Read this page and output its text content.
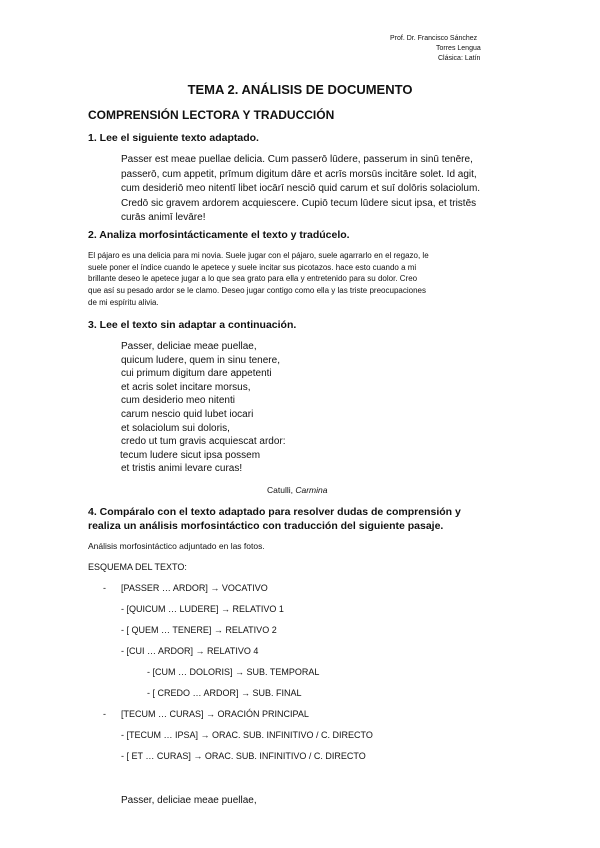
Prof. Dr. Francisco Sánchez
Torres Lengua
Clásica: Latín
TEMA 2. ANÁLISIS DE DOCUMENTO
COMPRENSIÓN LECTORA Y TRADUCCIÓN
1. Lee el siguiente texto adaptado.
Passer est meae puellae delicia. Cum passerō lūdere, passerum in sinū tenēre,
passerō, cum appetit, prīmum digitum dāre et acrīs morsūs incitāre solet. Id agit,
cum desideriō meo nitentī libet iocārī nesciō quid carum et suī dolōris solaciolum.
Credō sic gravem ardorem acquiescere. Cupiō tecum lūdere sicut ipsa, et tristēs
curās animī levāre!
2. Analiza morfosintácticamente el texto y tradúcelo.
El pájaro es una delicia para mi novia. Suele jugar con el pájaro, suele agarrarlo en el regazo, le
suele poner el índice cuando le apetece y suele incitar sus picotazos. hace esto cuando a mi
brillante deseo le apetece jugar a lo que sea grato para ella y entretenido para su dolor. Creo
que así su pesado ardor se le clamo. Deseo jugar contigo como ella y las triste preocupaciones
de mi espíritu alivia.
3. Lee el texto sin adaptar a continuación.
Passer, deliciae meae puellae,
quicum ludere, quem in sinu tenere,
cui primum digitum dare appetenti
et acris solet incitare morsus,
cum desiderio meo nitenti
carum nescio quid lubet iocari
et solaciolum sui doloris,
credo ut tum gravis acquiescat ardor:
tecum ludere sicut ipsa possem
et tristis animi levare curas!
Catulli, Carmina
4. Compáralo con el texto adaptado para resolver dudas de comprensión y
realiza un análisis morfosintáctico con traducción del siguiente pasaje.
Análisis morfosintáctico adjuntado en las fotos.
ESQUEMA DEL TEXTO:
- [PASSER … ARDOR] → VOCATIVO
- [QUICUM … LUDERE] → RELATIVO 1
- [ QUEM … TENERE] → RELATIVO 2
- [CUI … ARDOR] → RELATIVO 4
- [CUM … DOLORIS] → SUB. TEMPORAL
- [ CREDO … ARDOR] → SUB. FINAL
- [TECUM … CURAS] → ORACIÓN PRINCIPAL
- [TECUM … IPSA] → ORAC. SUB. INFINITIVO / C. DIRECTO
- [ ET … CURAS] → ORAC. SUB. INFINITIVO / C. DIRECTO
Passer, deliciae meae puellae,
